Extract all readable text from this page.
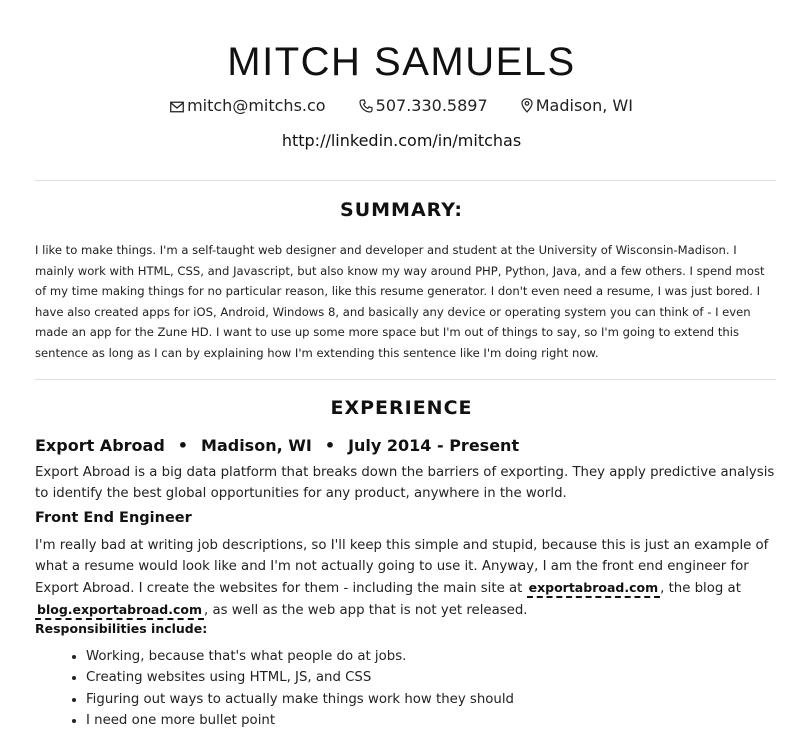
MITCH SAMUELS
mitch@mitchs.co	507.330.5897	Madison, WI
http://linkedin.com/in/mitchas
SUMMARY:
I like to make things. I'm a self-taught web designer and developer and student at the University of Wisconsin-Madison. I mainly work with HTML, CSS, and Javascript, but also know my way around PHP, Python, Java, and a few others. I spend most of my time making things for no particular reason, like this resume generator. I don't even need a resume, I was just bored. I have also created apps for iOS, Android, Windows 8, and basically any device or operating system you can think of - I even made an app for the Zune HD. I want to use up some more space but I'm out of things to say, so I'm going to extend this sentence as long as I can by explaining how I'm extending this sentence like I'm doing right now.
EXPERIENCE
Export Abroad • Madison, WI • July 2014 - Present
Export Abroad is a big data platform that breaks down the barriers of exporting. They apply predictive analysis to identify the best global opportunities for any product, anywhere in the world.
Front End Engineer
I'm really bad at writing job descriptions, so I'll keep this simple and stupid, because this is just an example of what a resume would look like and I'm not actually going to use it. Anyway, I am the front end engineer for Export Abroad. I create the websites for them - including the main site at exportabroad.com , the blog at blog.exportabroad.com , as well as the web app that is not yet released.
Responsibilities include:
• Working, because that's what people do at jobs.
• Creating websites using HTML, JS, and CSS
• Figuring out ways to actually make things work how they should
• I need one more bullet point
